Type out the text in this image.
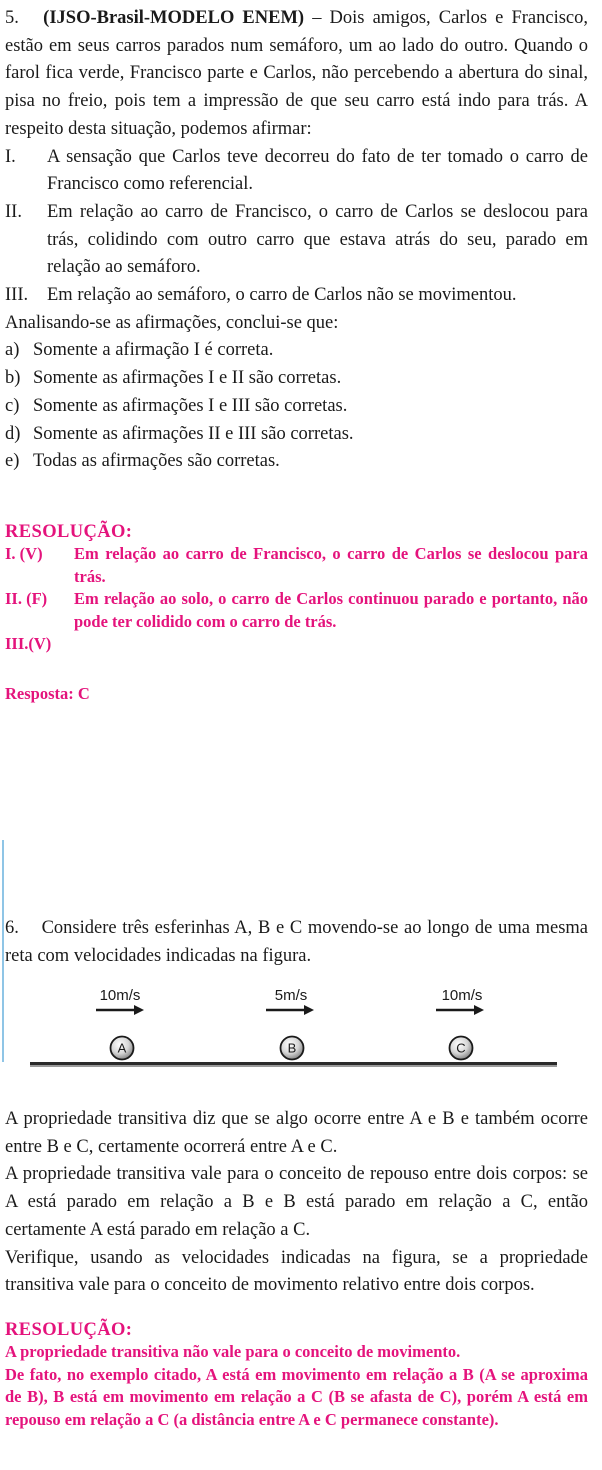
5. (IJSO-Brasil-MODELO ENEM) – Dois amigos, Carlos e Francisco, estão em seus carros parados num semáforo, um ao lado do outro. Quando o farol fica verde, Francisco parte e Carlos, não percebendo a abertura do sinal, pisa no freio, pois tem a impressão de que seu carro está indo para trás. A respeito desta situação, podemos afirmar:

I. A sensação que Carlos teve decorreu do fato de ter tomado o carro de Francisco como referencial.
II. Em relação ao carro de Francisco, o carro de Carlos se deslocou para trás, colidindo com outro carro que estava atrás do seu, parado em relação ao semáforo.
III. Em relação ao semáforo, o carro de Carlos não se movimentou.

Analisando-se as afirmações, conclui-se que:

a) Somente a afirmação I é correta.
b) Somente as afirmações I e II são corretas.
c) Somente as afirmações I e III são corretas.
d) Somente as afirmações II e III são corretas.
e) Todas as afirmações são corretas.
RESOLUÇÃO:
I. (V) Em relação ao carro de Francisco, o carro de Carlos se deslocou para trás.
II. (F) Em relação ao solo, o carro de Carlos continuou parado e portanto, não pode ter colidido com o carro de trás.
III.(V)
Resposta: C

6. Considere três esferinhas A, B e C movendo-se ao longo de uma mesma reta com velocidades indicadas na figura.

10m/s
A
5m/s
B
10m/s
C

A propriedade transitiva diz que se algo ocorre entre A e B e também ocorre entre B e C, certamente ocorrerá entre A e C.

A propriedade transitiva vale para o conceito de repouso entre dois corpos: se A está parado em relação a B e B está parado em relação a C, então certamente A está parado em relação a C.

Verifique, usando as velocidades indicadas na figura, se a propriedade transitiva vale para o conceito de movimento relativo entre dois corpos.

RESOLUÇÃO:

A propriedade transitiva não vale para o conceito de movimento.

De fato, no exemplo citado, A está em movimento em relação a B (A se aproxima de B), B está em movimento em relação a C (B se afasta de C), porém A está em repouso em relação a C (a distância entre A e C permanece constante).
